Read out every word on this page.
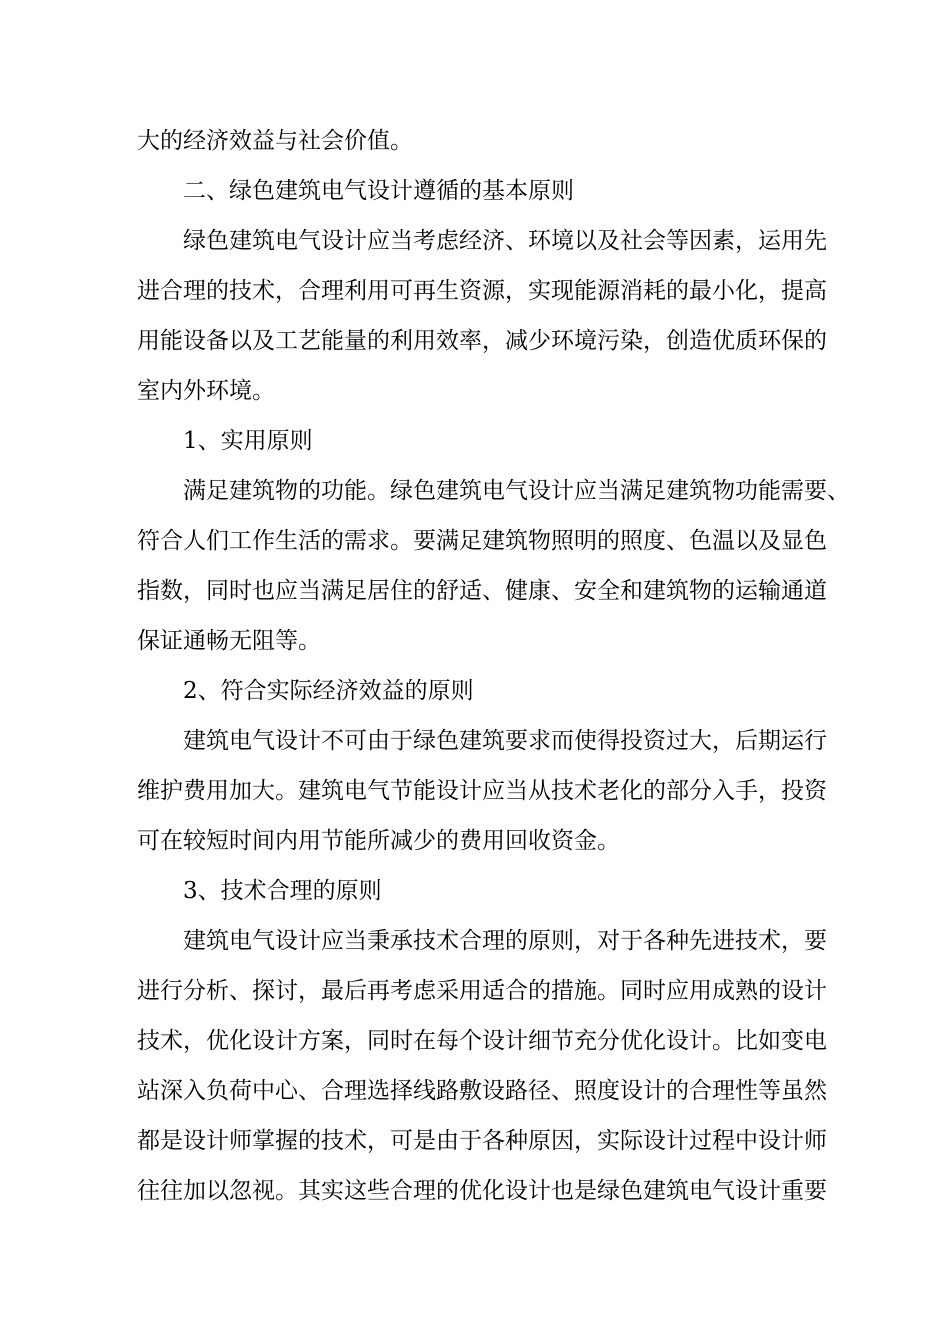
大的经济效益与社会价值。
二、绿色建筑电气设计遵循的基本原则
绿色建筑电气设计应当考虑经济、环境以及社会等因素，运用先
进合理的技术，合理利用可再生资源，实现能源消耗的最小化，提高
用能设备以及工艺能量的利用效率，减少环境污染，创造优质环保的
室内外环境。
1、实用原则
满足建筑物的功能。绿色建筑电气设计应当满足建筑物功能需要、
符合人们工作生活的需求。要满足建筑物照明的照度、色温以及显色
指数，同时也应当满足居住的舒适、健康、安全和建筑物的运输通道
保证通畅无阻等。
2、符合实际经济效益的原则
建筑电气设计不可由于绿色建筑要求而使得投资过大，后期运行
维护费用加大。建筑电气节能设计应当从技术老化的部分入手，投资
可在较短时间内用节能所减少的费用回收资金。
3、技术合理的原则
建筑电气设计应当秉承技术合理的原则，对于各种先进技术，要
进行分析、探讨，最后再考虑采用适合的措施。同时应用成熟的设计
技术，优化设计方案，同时在每个设计细节充分优化设计。比如变电
站深入负荷中心、合理选择线路敷设路径、照度设计的合理性等虽然
都是设计师掌握的技术，可是由于各种原因，实际设计过程中设计师
往往加以忽视。其实这些合理的优化设计也是绿色建筑电气设计重要
